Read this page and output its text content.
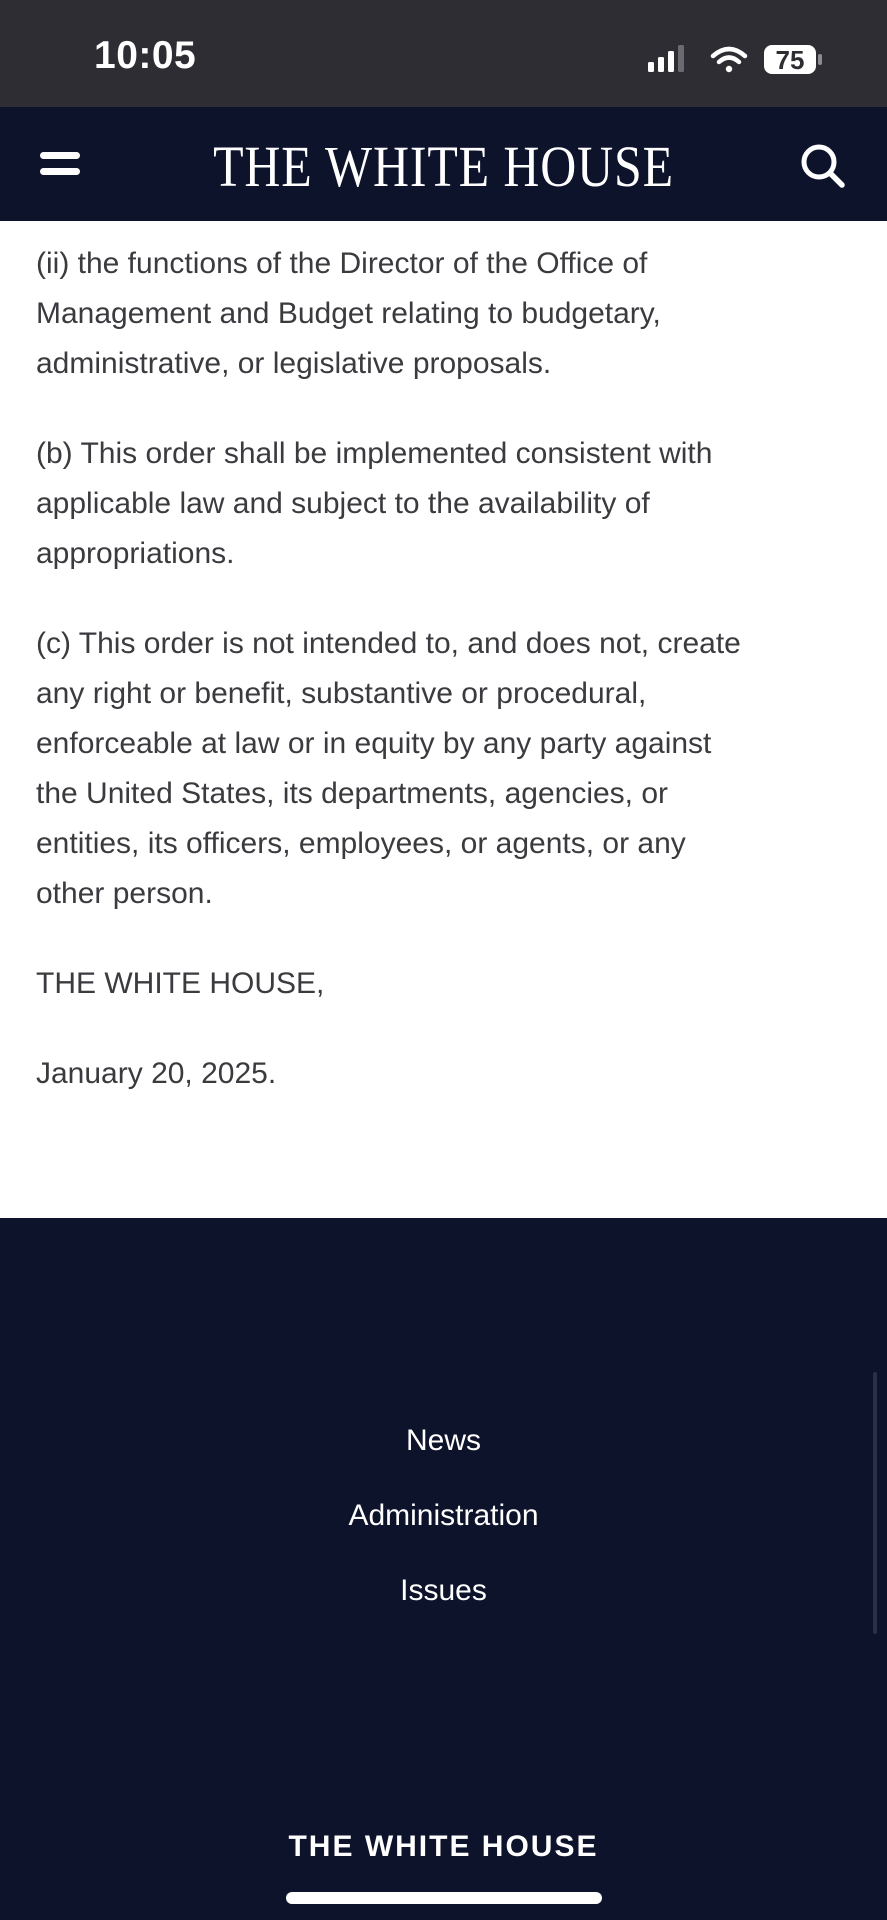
10:05	75
THE WHITE HOUSE

(ii) the functions of the Director of the Office of
Management and Budget relating to budgetary,
administrative, or legislative proposals.

(b) This order shall be implemented consistent with
applicable law and subject to the availability of
appropriations.

(c) This order is not intended to, and does not, create
any right or benefit, substantive or procedural,
enforceable at law or in equity by any party against
the United States, its departments, agencies, or
entities, its officers, employees, or agents, or any
other person.

THE WHITE HOUSE,

January 20, 2025.

News
Administration
Issues
THE WHITE HOUSE
